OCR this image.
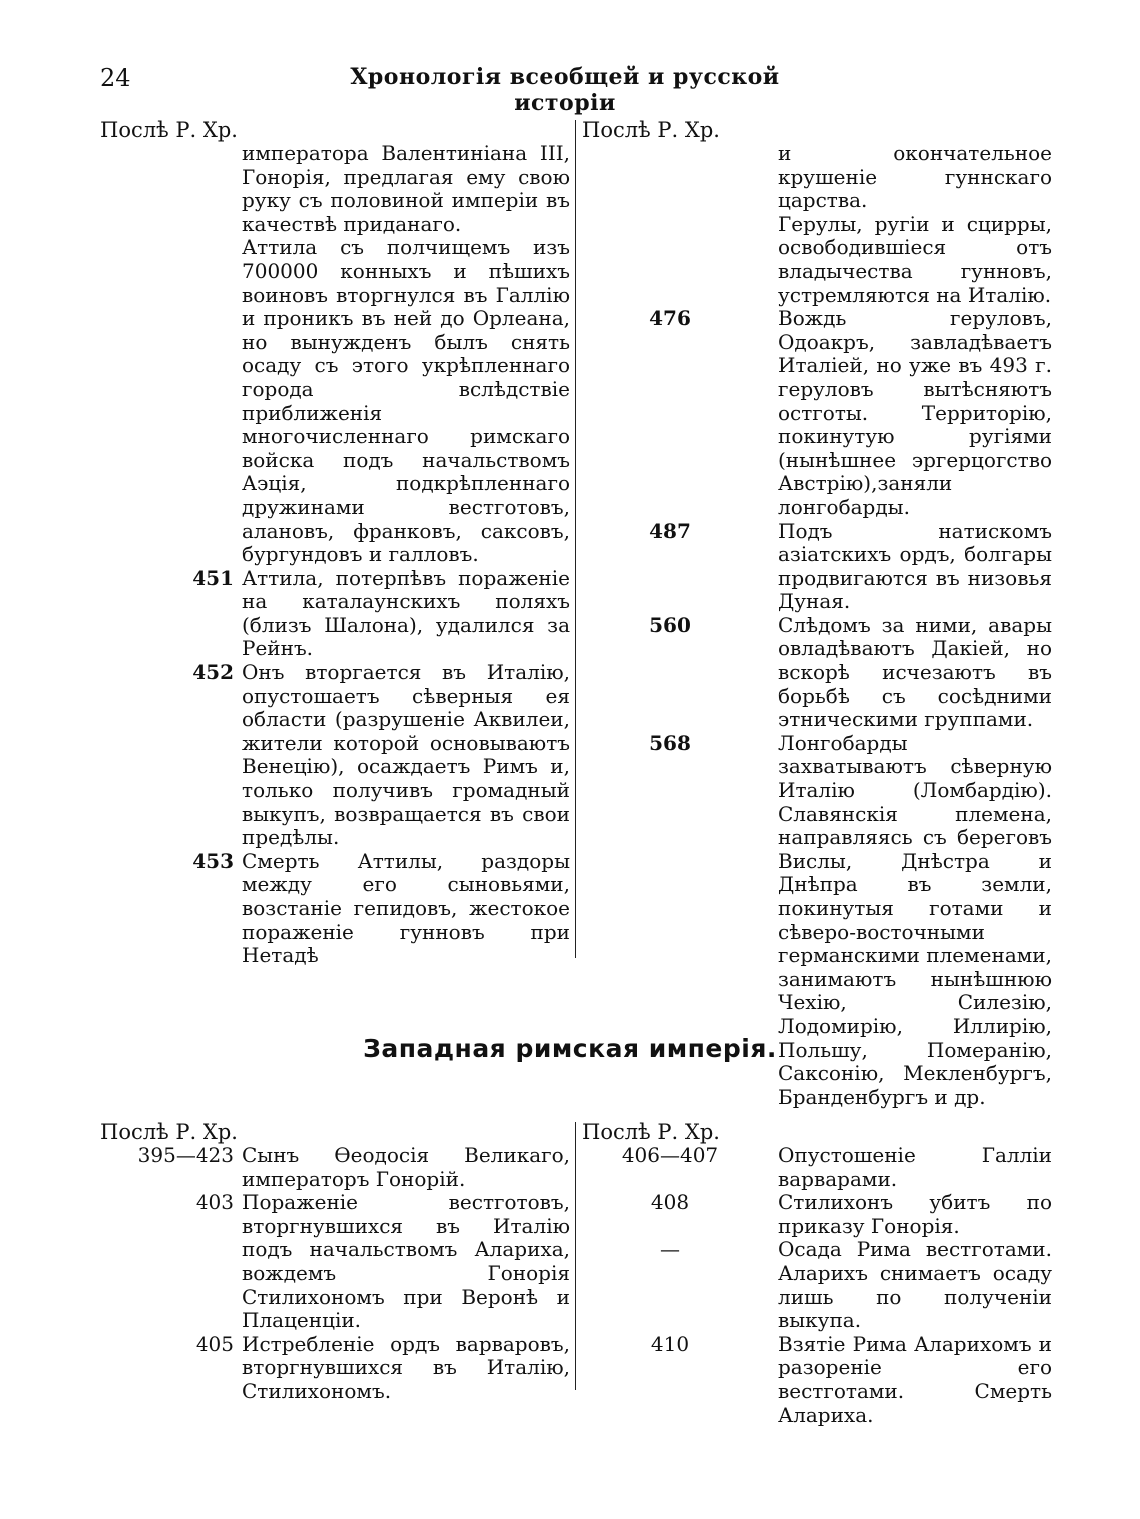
24	Хронологія всеобщей и русской исторіи
Послѣ Р. Хр.
императора Валентиніана III, Гонорія, предлагая ему свою руку съ половиной имперіи въ качествѣ приданаго.
Аттила съ полчищемъ изъ 700000 конныхъ и пѣшихъ воиновъ вторгнулся въ Галлію и проникъ въ ней до Орлеана, но вынужденъ былъ снять осаду съ этого укрѣпленнаго города вслѣдствіе приближенія многочисленнаго римскаго войска подъ начальствомъ Аэція, подкрѣпленнаго дружинами вестготовъ, алановъ, франковъ, саксовъ, бургундовъ и галловъ.
451 Аттила, потерпѣвъ пораженіе на каталаунскихъ поляхъ (близъ Шалона), удалился за Рейнъ.
452 Онъ вторгается въ Италію, опустошаетъ сѣверныя ея области (разрушеніе Аквилеи, жители которой основываютъ Венецію), осаждаетъ Римъ и, только получивъ громадный выкупъ, возвращается въ свои предѣлы.
453 Смерть Аттилы, раздоры между его сыновьями, возстаніе гепидовъ, жестокое пораженіе гунновъ при Нетадѣ
Послѣ Р. Хр.
и окончательное крушеніе гуннскаго царства.
Герулы, ругіи и сцирры, освободившіеся отъ владычества гунновъ, устремляются на Италію.
476	Вождь геруловъ, Одоакръ, завладѣваетъ Италіей, но уже въ 493 г. геруловъ вытѣсняютъ остготы. Территорію, покинутую ругіями (нынѣшнее эргерцогство Австрію),заняли лонгобарды.
487	Подъ натискомъ азіатскихъ ордъ, болгары продвигаются въ низовья Дуная.
560	Слѣдомъ за ними, авары овладѣваютъ Дакіей, но вскорѣ исчезаютъ въ борьбѣ съ сосѣдними этническими группами.
568	Лонгобарды захватываютъ сѣверную Италію (Ломбардію). Славянскія племена, направляясь съ береговъ Вислы, Днѣстра и Днѣпра въ земли, покинутыя готами и сѣверо-восточными германскими племенами, занимаютъ нынѣшнюю Чехію, Силезію, Лодомирію, Иллирію, Польшу, Померанію, Саксонію, Мекленбургъ, Бранденбургъ и др.
Западная римская имперія.
Послѣ Р. Хр.
395—423 Сынъ Ѳеодосія Великаго, императоръ Гонорій.
403 Пораженіе вестготовъ, вторгнувшихся въ Италію подъ начальствомъ Алариха, вождемъ Гонорія Стилихономъ при Веронѣ и Плаценціи.
405 Истребленіе ордъ варваровъ, вторгнувшихся въ Италію, Стилихономъ.
Послѣ Р. Хр.
406—407	Опустошеніе Галліи варварами.
408	Стилихонъ убитъ по приказу Гонорія.
—	Осада Рима вестготами. Аларихъ снимаетъ осаду лишь по полученіи выкупа.
410	Взятіе Рима Аларихомъ и разореніе его вестготами. Смерть Алариха.
